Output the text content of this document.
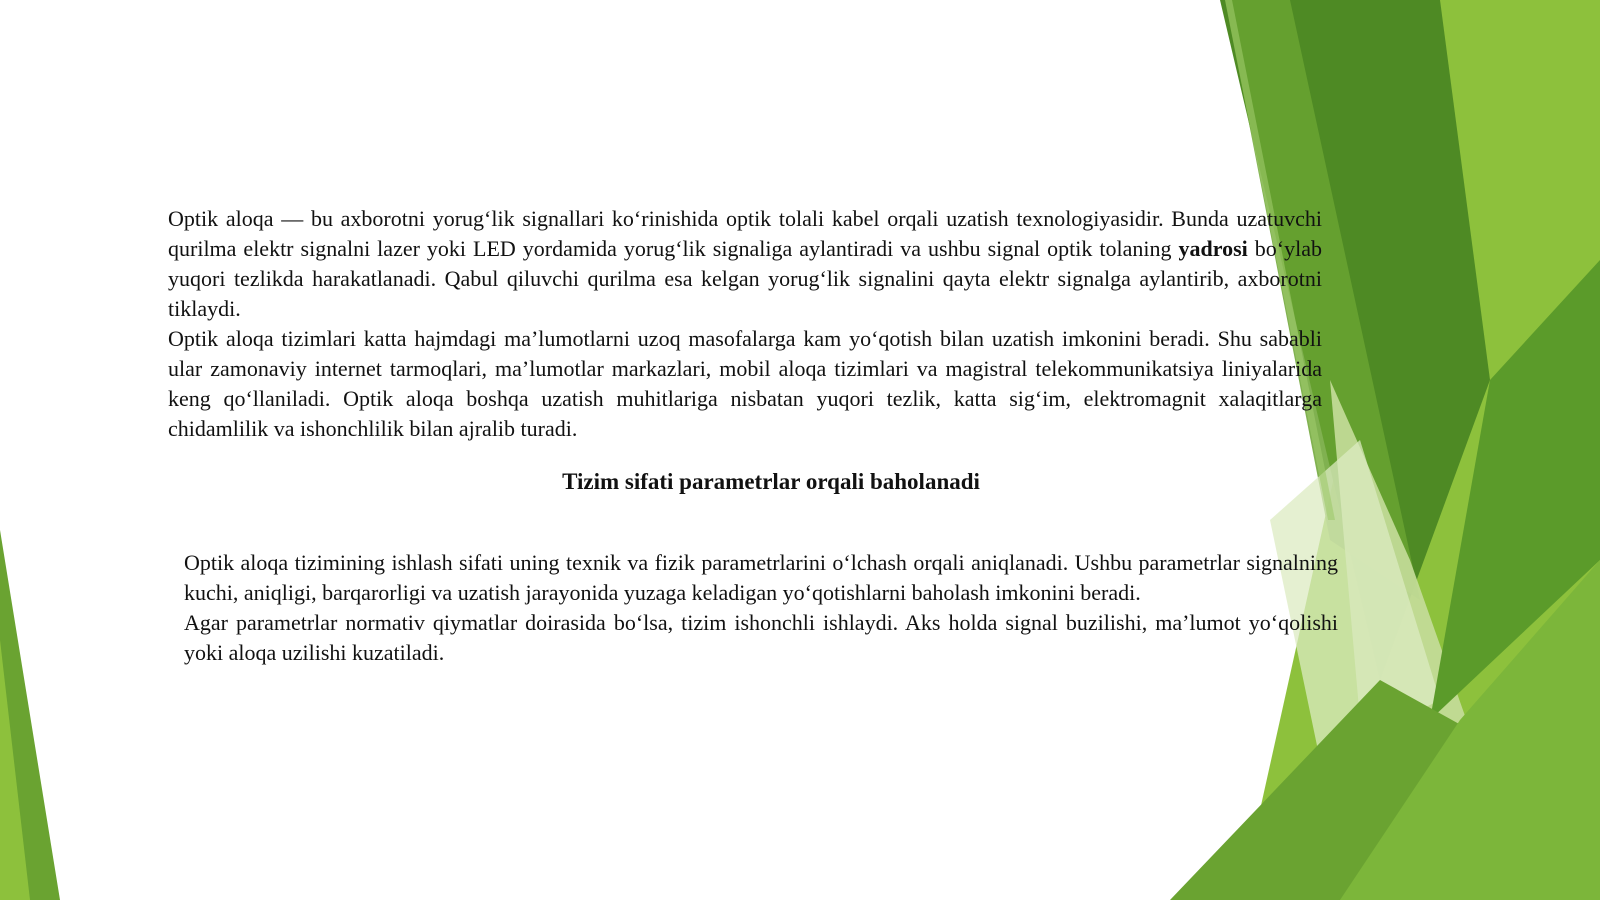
Optik aloqa — bu axborotni yorug‘lik signallari ko‘rinishida optik tolali kabel orqali uzatish texnologiyasidir. Bunda uzatuvchi qurilma elektr signalni lazer yoki LED yordamida yorug‘lik signaliga aylantiradi va ushbu signal optik tolaning yadrosi bo‘ylab yuqori tezlikda harakatlanadi. Qabul qiluvchi qurilma esa kelgan yorug‘lik signalini qayta elektr signalga aylantirib, axborotni tiklaydi.

Optik aloqa tizimlari katta hajmdagi ma’lumotlarni uzoq masofalarga kam yo‘qotish bilan uzatish imkonini beradi. Shu sababli ular zamonaviy internet tarmoqlari, ma’lumotlar markazlari, mobil aloqa tizimlari va magistral telekommunikatsiya liniyalarida keng qo‘llaniladi. Optik aloqa boshqa uzatish muhitlariga nisbatan yuqori tezlik, katta sig‘im, elektromagnit xalaqitlarga chidamlilik va ishonchlilik bilan ajralib turadi.

Tizim sifati parametrlar orqali baholanadi

Optik aloqa tizimining ishlash sifati uning texnik va fizik parametrlarini o‘lchash orqali aniqlanadi. Ushbu parametrlar signalning kuchi, aniqligi, barqarorligi va uzatish jarayonida yuzaga keladigan yo‘qotishlarni baholash imkonini beradi.

Agar parametrlar normativ qiymatlar doirasida bo‘lsa, tizim ishonchli ishlaydi. Aks holda signal buzilishi, ma’lumot yo‘qolishi yoki aloqa uzilishi kuzatiladi.
